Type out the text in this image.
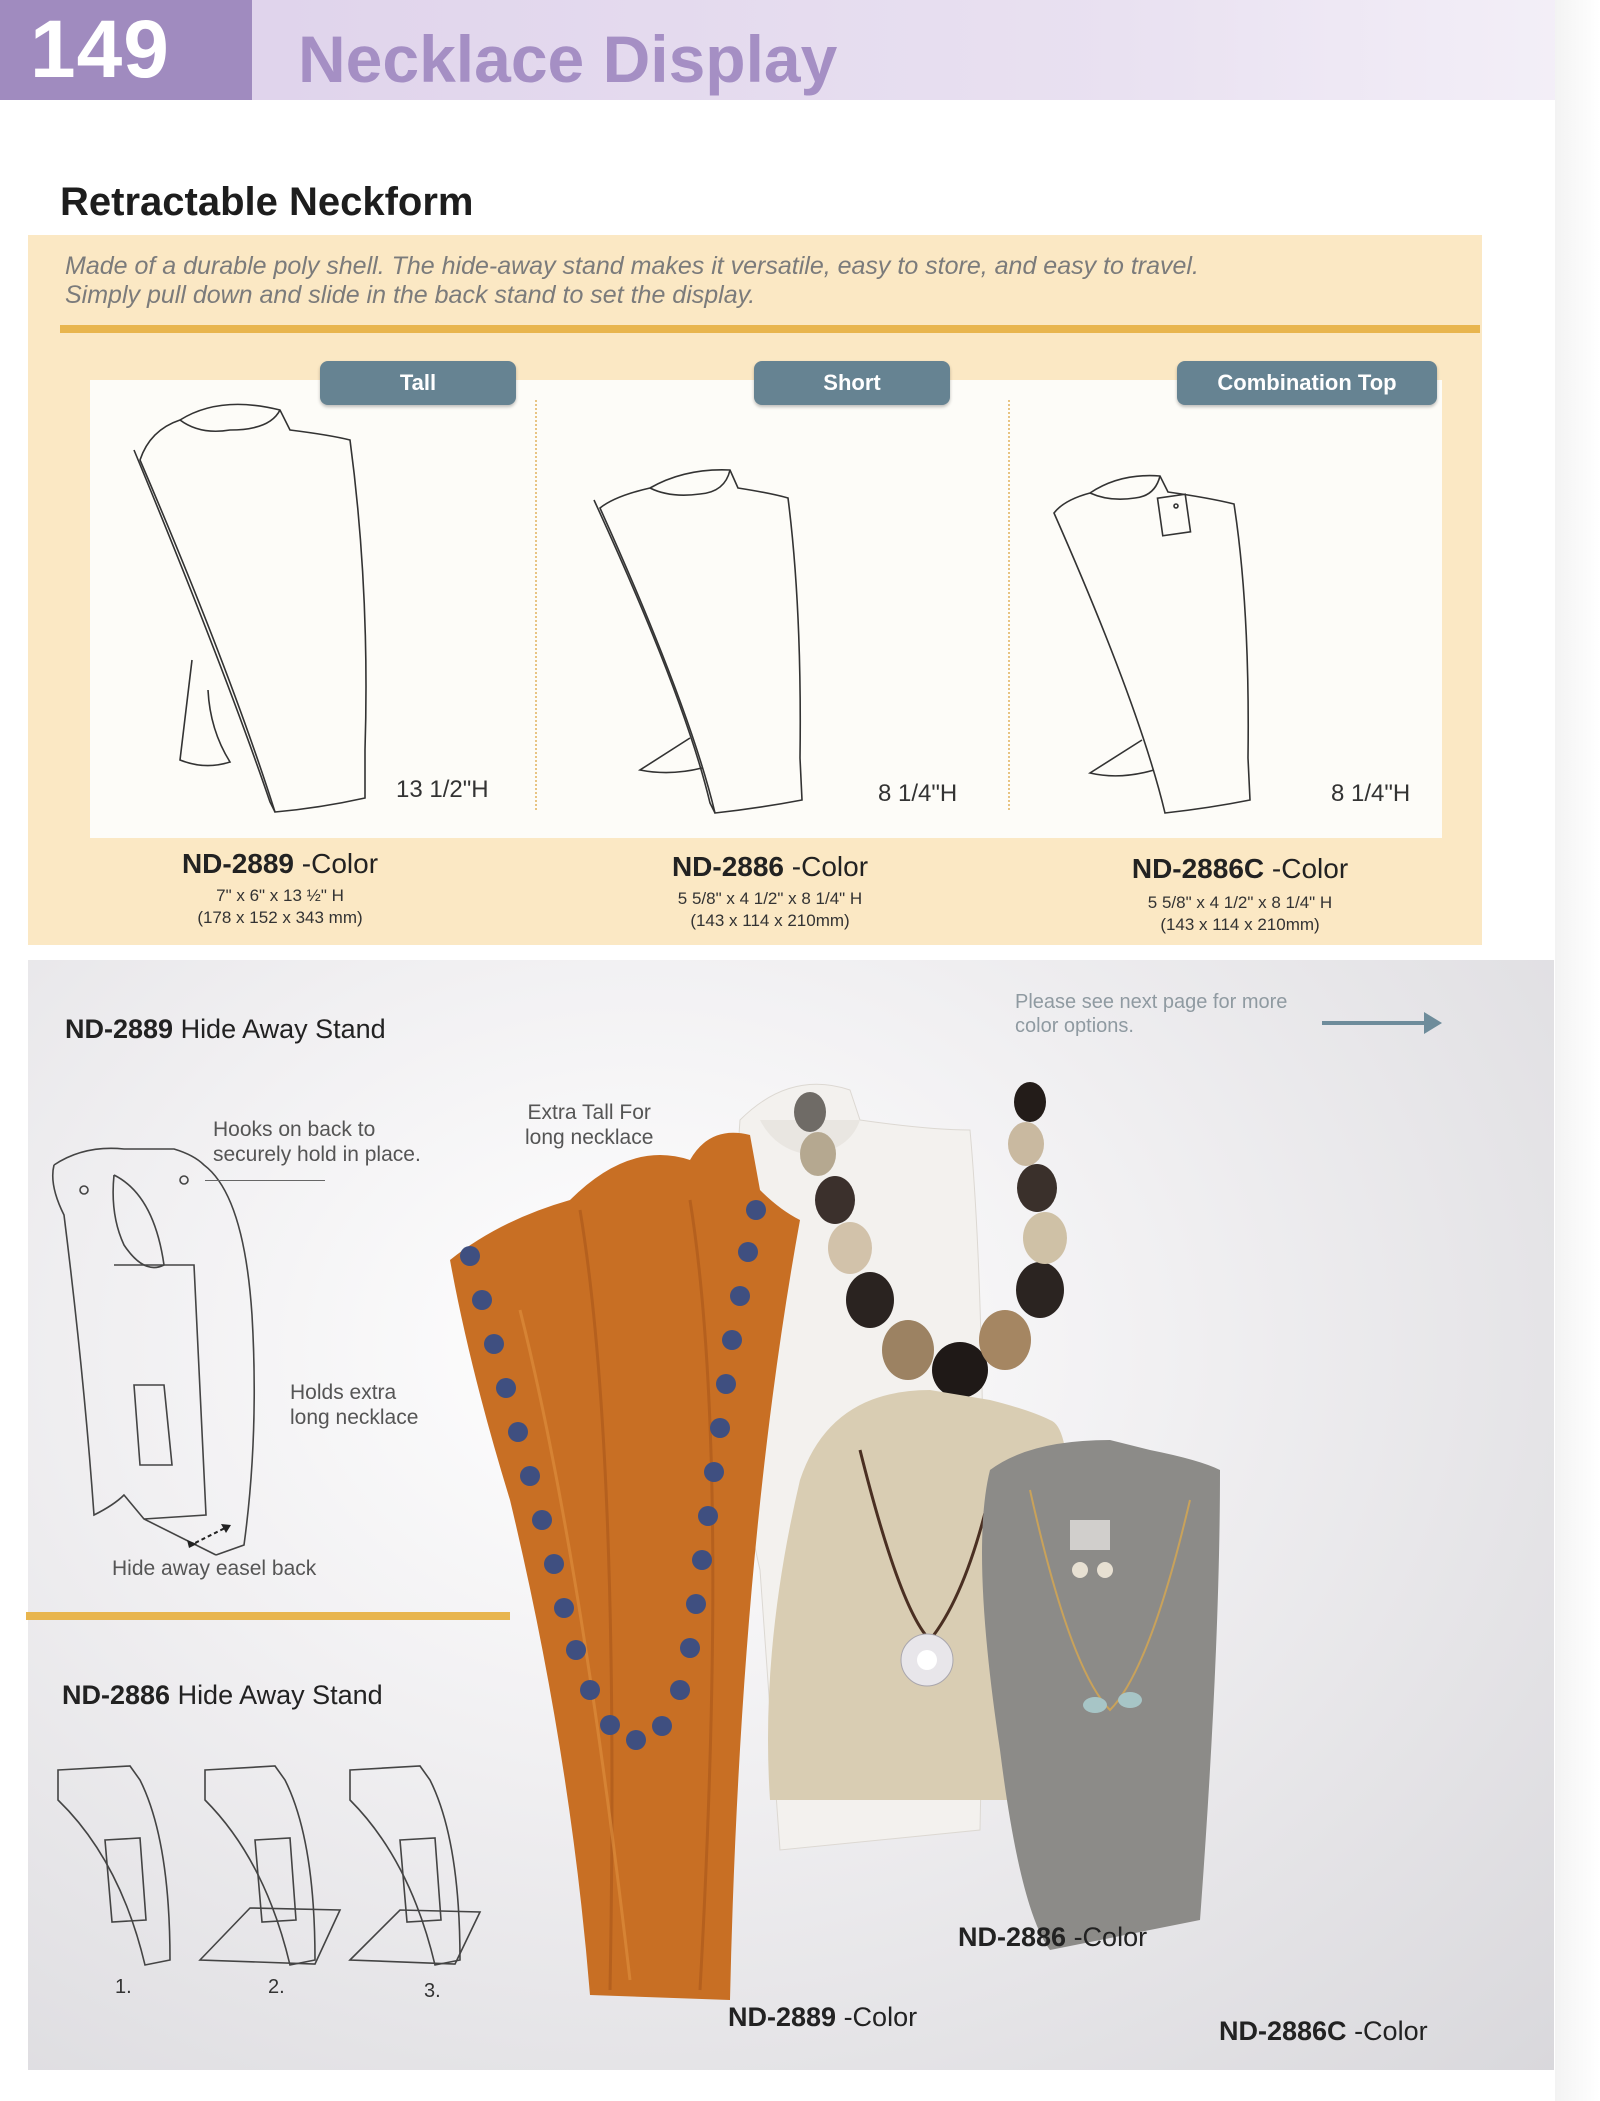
149	Necklace Display
Retractable Neckform
Made of a durable poly shell. The hide-away stand makes it versatile, easy to store, and easy to travel.
Simply pull down and slide in the back stand to set the display.
Tall	Short	Combination Top
13 1/2"H	8 1/4"H	8 1/4"H
ND-2889 -Color
7" x 6" x 13 ½" H
(178 x 152 x 343 mm)
ND-2886 -Color
5 5/8" x 4 1/2" x 8 1/4" H
(143 x 114 x 210mm)
ND-2886C -Color
5 5/8" x 4 1/2" x 8 1/4" H
(143 x 114 x 210mm)
Please see next page for more
color options.
ND-2889 Hide Away Stand
Hooks on back to
securely hold in place.
Holds extra
long necklace
Hide away easel back
ND-2886 Hide Away Stand
1.	2.	3.
Extra Tall For
long necklace
ND-2886 -Color
ND-2889 -Color	ND-2886C -Color
